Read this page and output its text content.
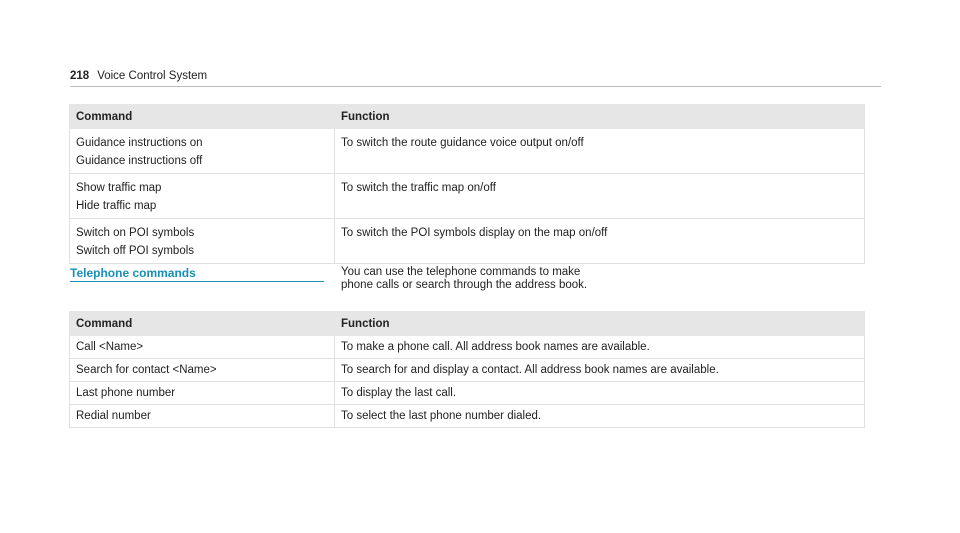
218 Voice Control System
Command	Function

Guidance instructions on
Guidance instructions off	To switch the route guidance voice output on/off

Show traffic map
Hide traffic map	To switch the traffic map on/off

Switch on POI symbols
Switch off POI symbols	To switch the POI symbols display on the map on/off
Telephone commands	You can use the telephone commands to make
phone calls or search through the address book.
Command	Function
Call <Name>	To make a phone call. All address book names are available.
Search for contact <Name>	To search for and display a contact. All address book names are available.
Last phone number	To display the last call.
Redial number	To select the last phone number dialed.
